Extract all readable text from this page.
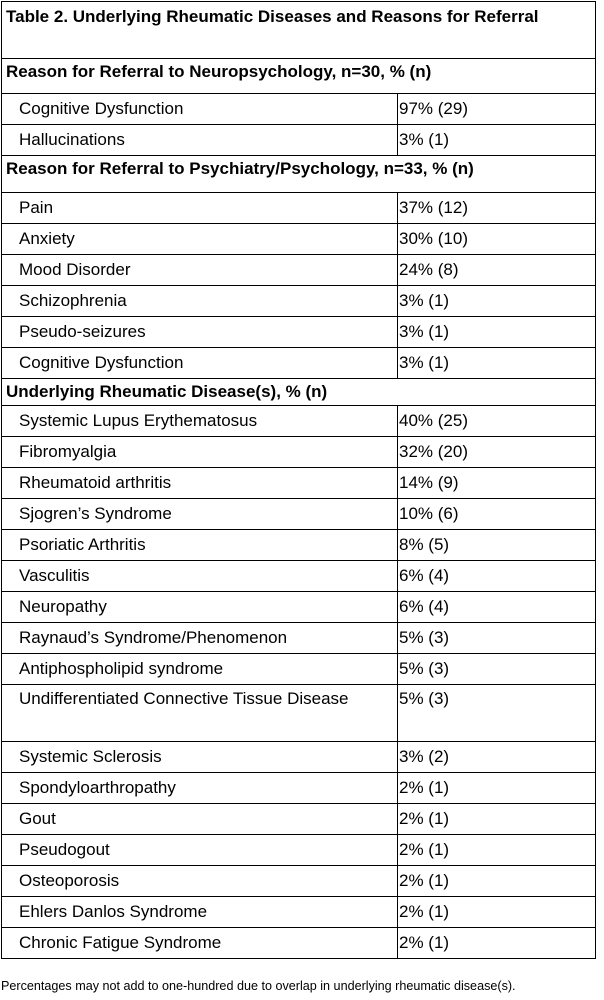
Table 2. Underlying Rheumatic Diseases and Reasons for Referral	
Reason for Referral to Neuropsychology, n=30, % (n)	
Cognitive Dysfunction	97% (29)
Hallucinations	3% (1)
Reason for Referral to Psychiatry/Psychology, n=33, % (n)	
Pain	37% (12)
Anxiety	30% (10)
Mood Disorder	24% (8)
Schizophrenia	3% (1)
Pseudo-seizures	3% (1)
Cognitive Dysfunction	3% (1)
Underlying Rheumatic Disease(s), % (n)	
Systemic Lupus Erythematosus	40% (25)
Fibromyalgia	32% (20)
Rheumatoid arthritis	14% (9)
Sjogren’s Syndrome	10% (6)
Psoriatic Arthritis	8% (5)
Vasculitis	6% (4)
Neuropathy	6% (4)
Raynaud’s Syndrome/Phenomenon	5% (3)
Antiphospholipid syndrome	5% (3)
Undifferentiated Connective Tissue Disease	5% (3)
Systemic Sclerosis	3% (2)
Spondyloarthropathy	2% (1)
Gout	2% (1)
Pseudogout	2% (1)
Osteoporosis	2% (1)
Ehlers Danlos Syndrome	2% (1)
Chronic Fatigue Syndrome	2% (1)
Percentages may not add to one-hundred due to overlap in underlying rheumatic disease(s).
